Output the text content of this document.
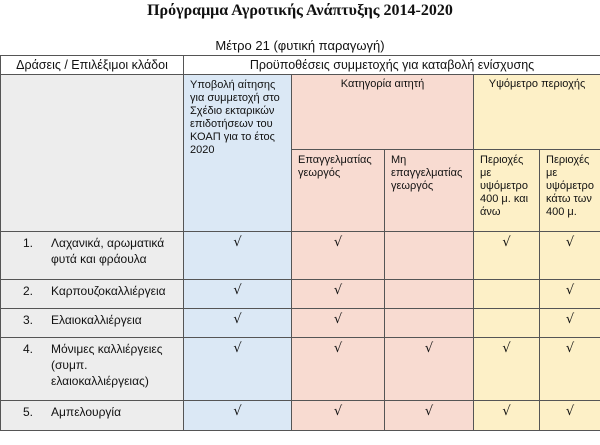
Πρόγραμμα Αγροτικής Ανάπτυξης 2014-2020
Μέτρο 21 (φυτική παραγωγή)
Δράσεις / Επιλέξιμοι κλάδοι	Προϋποθέσεις συμμετοχής για καταβολή ενίσχυσης				
	Υποβολή αίτησης για συμμετοχή στο Σχέδιο εκταρικών επιδοτήσεων του ΚΟΑΠ για το έτος 2020	Κατηγορία αιτητή		Υψόμετρο περιοχής	
		Επαγγελματίας γεωργός	Μη επαγγελματίας γεωργός	Περιοχές με υψόμετρο 400 μ. και άνω	Περιοχές με υψόμετρο κάτω των 400 μ.
1. Λαχανικά, αρωματικά
φυτά και φράουλα	√	√		√	√
2. Καρπουζοκαλλιέργεια	√	√			√
3. Ελαιοκαλλιέργεια	√	√			√
4. Μόνιμες καλλιέργειες
(συμπ.
ελαιοκαλλιέργειας)	√	√	√	√	√
5. Αμπελουργία	√	√	√	√	√
